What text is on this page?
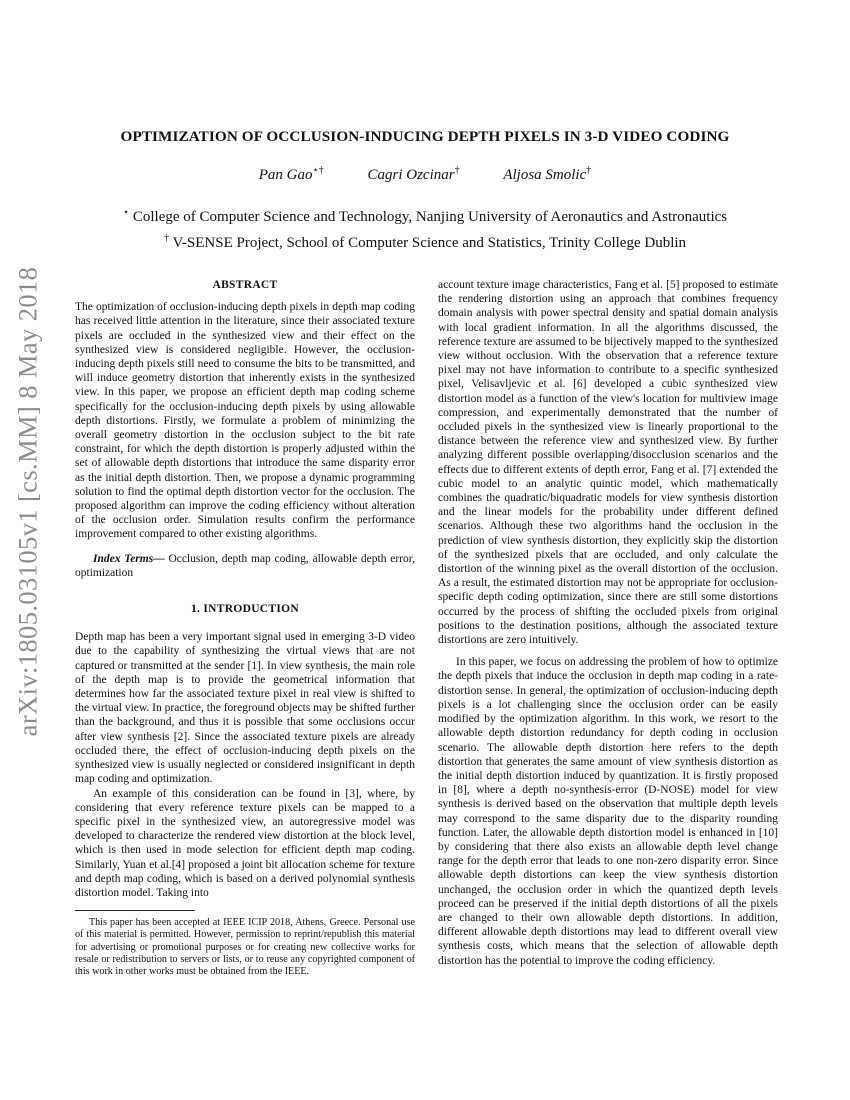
OPTIMIZATION OF OCCLUSION-INDUCING DEPTH PIXELS IN 3-D VIDEO CODING
Pan Gao⋆†	Cagri Ozcinar†	Aljosa Smolic†
⋆ College of Computer Science and Technology, Nanjing University of Aeronautics and Astronautics
† V-SENSE Project, School of Computer Science and Statistics, Trinity College Dublin
arXiv:1805.03105v1 [cs.MM] 8 May 2018	ABSTRACT

The optimization of occlusion-inducing depth pixels in depth map coding has received little attention in the literature, since their associated texture pixels are occluded in the synthesized view and their effect on the synthesized view is considered negligible. However, the occlusion-inducing depth pixels still need to consume the bits to be transmitted, and will induce geometry distortion that inherently exists in the synthesized view. In this paper, we propose an efficient depth map coding scheme specifically for the occlusion-inducing depth pixels by using allowable depth distortions. Firstly, we formulate a problem of minimizing the overall geometry distortion in the occlusion subject to the bit rate constraint, for which the depth distortion is properly adjusted within the set of allowable depth distortions that introduce the same disparity error as the initial depth distortion. Then, we propose a dynamic programming solution to find the optimal depth distortion vector for the occlusion. The proposed algorithm can improve the coding efficiency without alteration of the occlusion order. Simulation results confirm the performance improvement compared to other existing algorithms.

Index Terms— Occlusion, depth map coding, allowable depth error, optimization

1. INTRODUCTION

Depth map has been a very important signal used in emerging 3-D video due to the capability of synthesizing the virtual views that are not captured or transmitted at the sender [1]. In view synthesis, the main role of the depth map is to provide the geometrical information that determines how far the associated texture pixel in real view is shifted to the virtual view. In practice, the foreground objects may be shifted further than the background, and thus it is possible that some occlusions occur after view synthesis [2]. Since the associated texture pixels are already occluded there, the effect of occlusion-inducing depth pixels on the synthesized view is usually neglected or considered insignificant in depth map coding and optimization.

An example of this consideration can be found in [3], where, by considering that every reference texture pixels can be mapped to a specific pixel in the synthesized view, an autoregressive model was developed to characterize the rendered view distortion at the block level, which is then used in mode selection for efficient depth map coding. Similarly, Yuan et al.[4] proposed a joint bit allocation scheme for texture and depth map coding, which is based on a derived polynomial synthesis distortion model. Taking into

This paper has been accepted at IEEE ICIP 2018, Athens, Greece. Personal use of this material is permitted. However, permission to reprint/republish this material for advertising or promotional purposes or for creating new collective works for resale or redistribution to servers or lists, or to reuse any copyrighted component of this work in other works must be obtained from the IEEE.

account texture image characteristics, Fang et al. [5] proposed to estimate the rendering distortion using an approach that combines frequency domain analysis with power spectral density and spatial domain analysis with local gradient information. In all the algorithms discussed, the reference texture are assumed to be bijectively mapped to the synthesized view without occlusion. With the observation that a reference texture pixel may not have information to contribute to a specific synthesized pixel, Velisavljevic et al. [6] developed a cubic synthesized view distortion model as a function of the view's location for multiview image compression, and experimentally demonstrated that the number of occluded pixels in the synthesized view is linearly proportional to the distance between the reference view and synthesized view. By further analyzing different possible overlapping/disocclusion scenarios and the effects due to different extents of depth error, Fang et al. [7] extended the cubic model to an analytic quintic model, which mathematically combines the quadratic/biquadratic models for view synthesis distortion and the linear models for the probability under different defined scenarios. Although these two algorithms hand the occlusion in the prediction of view synthesis distortion, they explicitly skip the distortion of the synthesized pixels that are occluded, and only calculate the distortion of the winning pixel as the overall distortion of the occlusion. As a result, the estimated distortion may not be appropriate for occlusion-specific depth coding optimization, since there are still some distortions occurred by the process of shifting the occluded pixels from original positions to the destination positions, although the associated texture distortions are zero intuitively.

In this paper, we focus on addressing the problem of how to optimize the depth pixels that induce the occlusion in depth map coding in a rate-distortion sense. In general, the optimization of occlusion-inducing depth pixels is a lot challenging since the occlusion order can be easily modified by the optimization algorithm. In this work, we resort to the allowable depth distortion redundancy for depth coding in occlusion scenario. The allowable depth distortion here refers to the depth distortion that generates the same amount of view synthesis distortion as the initial depth distortion induced by quantization. It is firstly proposed in [8], where a depth no-synthesis-error (D-NOSE) model for view synthesis is derived based on the observation that multiple depth levels may correspond to the same disparity due to the disparity rounding function. Later, the allowable depth distortion model is enhanced in [10] by considering that there also exists an allowable depth level change range for the depth error that leads to one non-zero disparity error. Since allowable depth distortions can keep the view synthesis distortion unchanged, the occlusion order in which the quantized depth levels proceed can be preserved if the initial depth distortions of all the pixels are changed to their own allowable depth distortions. In addition, different allowable depth distortions may lead to different overall view synthesis costs, which means that the selection of allowable depth distortion has the potential to improve the coding efficiency.
